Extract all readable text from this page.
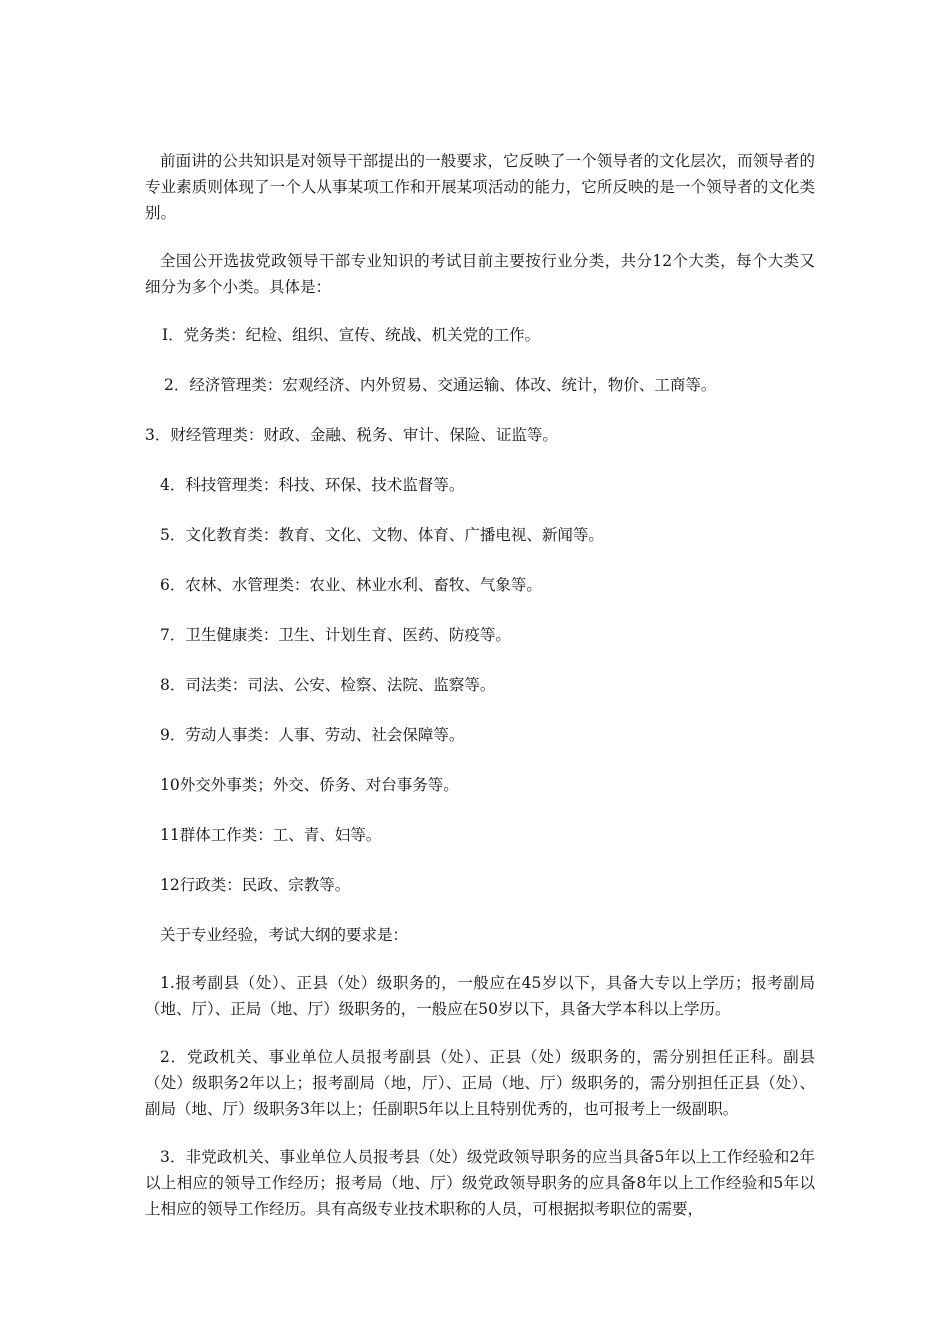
前面讲的公共知识是对领导干部提出的一般要求，它反映了一个领导者的文化层次，而领导者的专业素质则体现了一个人从事某项工作和开展某项活动的能力，它所反映的是一个领导者的文化类别。

全国公开选拔党政领导干部专业知识的考试目前主要按行业分类，共分12个大类，每个大类又细分为多个小类。具体是：

I．党务类：纪检、组织、宣传、统战、机关党的工作。

2．经济管理类：宏观经济、内外贸易、交通运输、体改、统计，物价、工商等。

3．财经管理类：财政、金融、税务、审计、保险、证监等。

4．科技管理类：科技、环保、技术监督等。

5．文化教育类：教育、文化、文物、体育、广播电视、新闻等。

6．农林、水管理类：农业、林业水利、畜牧、气象等。

7．卫生健康类：卫生、计划生育、医药、防疫等。

8．司法类：司法、公安、检察、法院、监察等。

9．劳动人事类：人事、劳动、社会保障等。

10外交外事类；外交、侨务、对台事务等。

11群体工作类：工、青、妇等。

12行政类：民政、宗教等。

关于专业经验，考试大纲的要求是：

1.报考副县（处）、正县（处）级职务的，一般应在45岁以下，具备大专以上学历；报考副局（地、厅）、正局（地、厅）级职务的，一般应在50岁以下，具备大学本科以上学历。

2．党政机关、事业单位人员报考副县（处）、正县（处）级职务的，需分别担任正科。副县（处）级职务2年以上；报考副局（地，厅）、正局（地、厅）级职务的，需分别担任正县（处）、副局（地、厅）级职务3年以上；任副职5年以上且特别优秀的，也可报考上一级副职。

3．非党政机关、事业单位人员报考县（处）级党政领导职务的应当具备5年以上工作经验和2年以上相应的领导工作经历；报考局（地、厅）级党政领导职务的应具备8年以上工作经验和5年以上相应的领导工作经历。具有高级专业技术职称的人员，可根据拟考职位的需要，
